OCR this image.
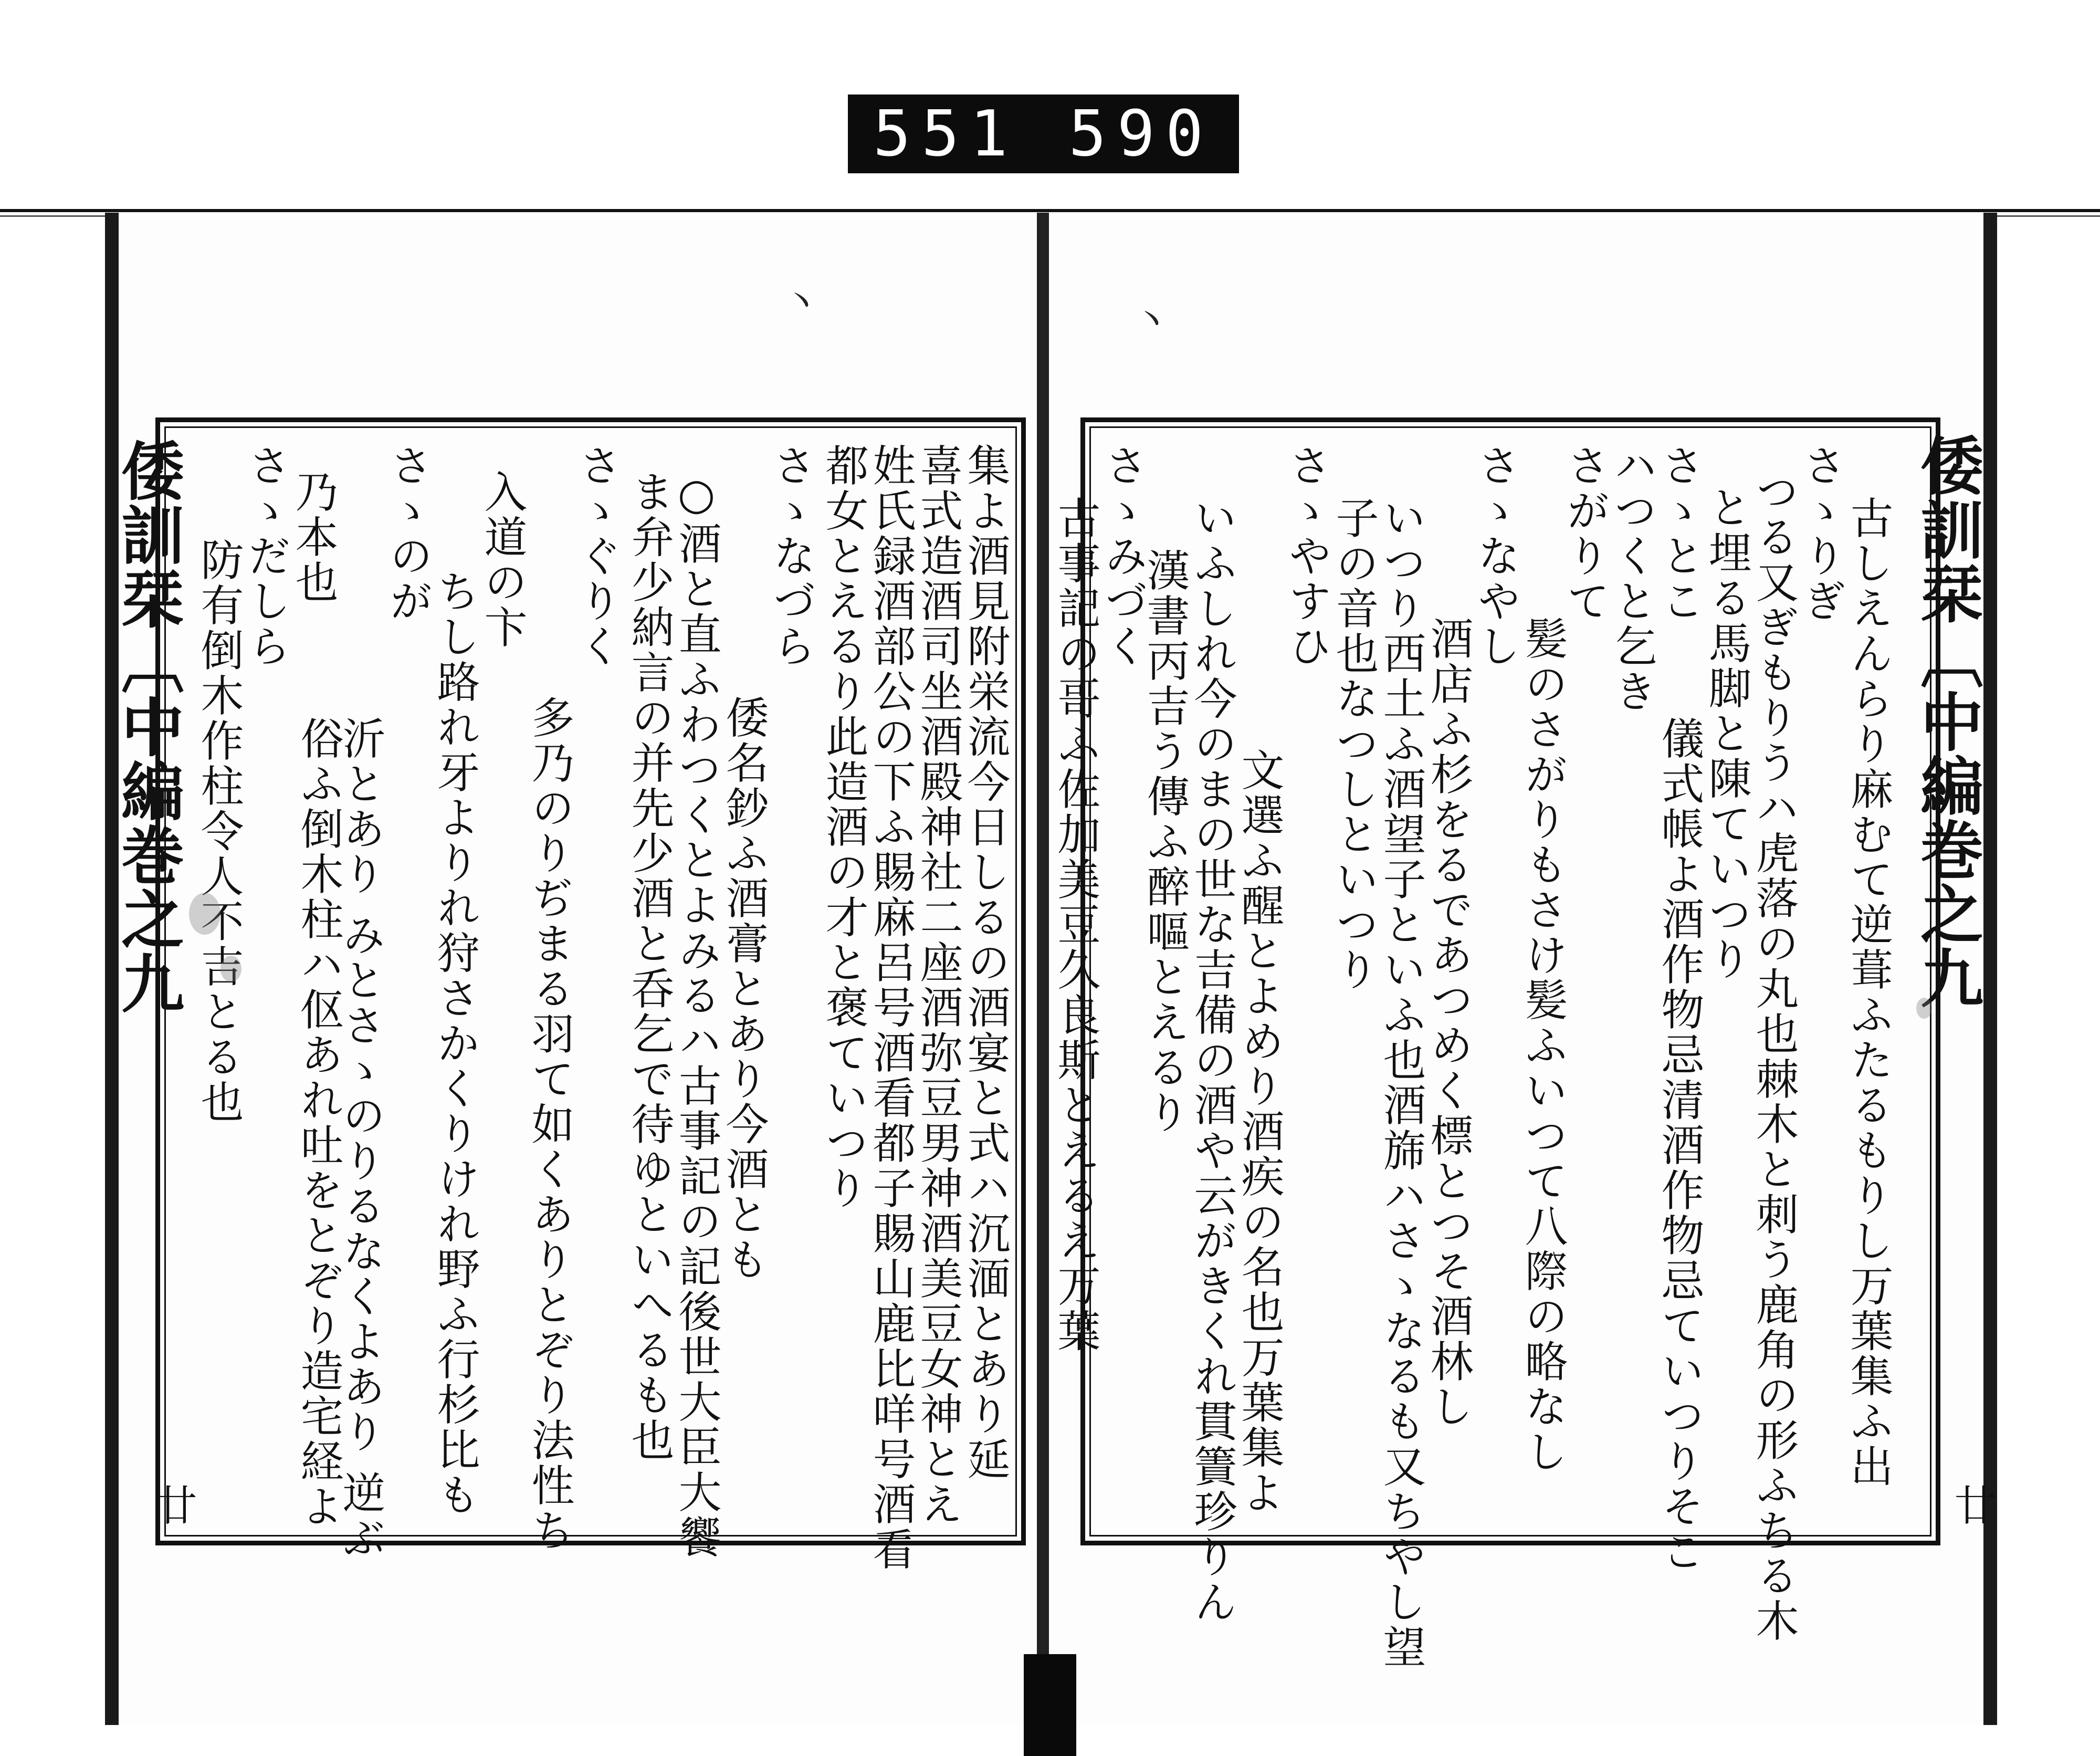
551 590
丶
倭訓栞〔中編巻之九
廿
集よ酒見附栄流今日しるの酒宴と式ハ沉湎とあり延
喜式造酒司坐酒殿神社二座酒弥豆男神酒美豆女神とえ
姓氏録酒部公の下ふ賜麻呂号酒看都子賜山鹿比咩号酒看
都女とえるり此造酒の才と褒ていつり
さゝなづら
倭名鈔ふ酒膏とあり今酒とも
○酒と直ふわつくとよみるハ古事記の記後世大臣大饗
ま弁少納言の并先少酒と呑乞で待ゆといへるも也
さゝぐりく
多乃のりぢまる羽て如くありとぞり法性ち
入道の卞
ちし路れ牙よりれ狩さかくりけれ野ふ行杉比も
さゝのが
沂とあり みとさゝのりるなくよあり 逆ぶ
乃本也
さゝだしら
俗ふ倒木柱ハ伛あれ吐をとぞり造宅経よ
防有倒木作柱令人不吉とる也
丶
倭訓栞〔中編巻之九
廿
古しえんらり麻むて逆葺ふたるもりし万葉集ふ出
さゝりぎ
つる又ぎもりうハ虎落の丸也棘木と刺う鹿角の形ふちる木
と埋る馬脚と陳ていつり
さゝとこ
ハつくと乞き
儀式帳よ酒作物忌清酒作物忌ていつりそこ
さがりて
髪のさがりもさけ髪ふいつて八際の略なし
さゝなやし
酒店ふ杉をるであつめく標とつそ酒林し
いつり西土ふ酒望子といふ也酒旆ハさゝなるも又ちやし望
子の音也なつしといつり
さゝやすひ
文選ふ醒とよめり酒疾の名也万葉集よ
いふしれ今のまの世な吉備の酒や云がきくれ貫簀珍りん
漢書丙吉う傳ふ醉嘔とえるり
さゝみづく
古事記の哥ふ佐加美豆久良斯とえるえ万葉
